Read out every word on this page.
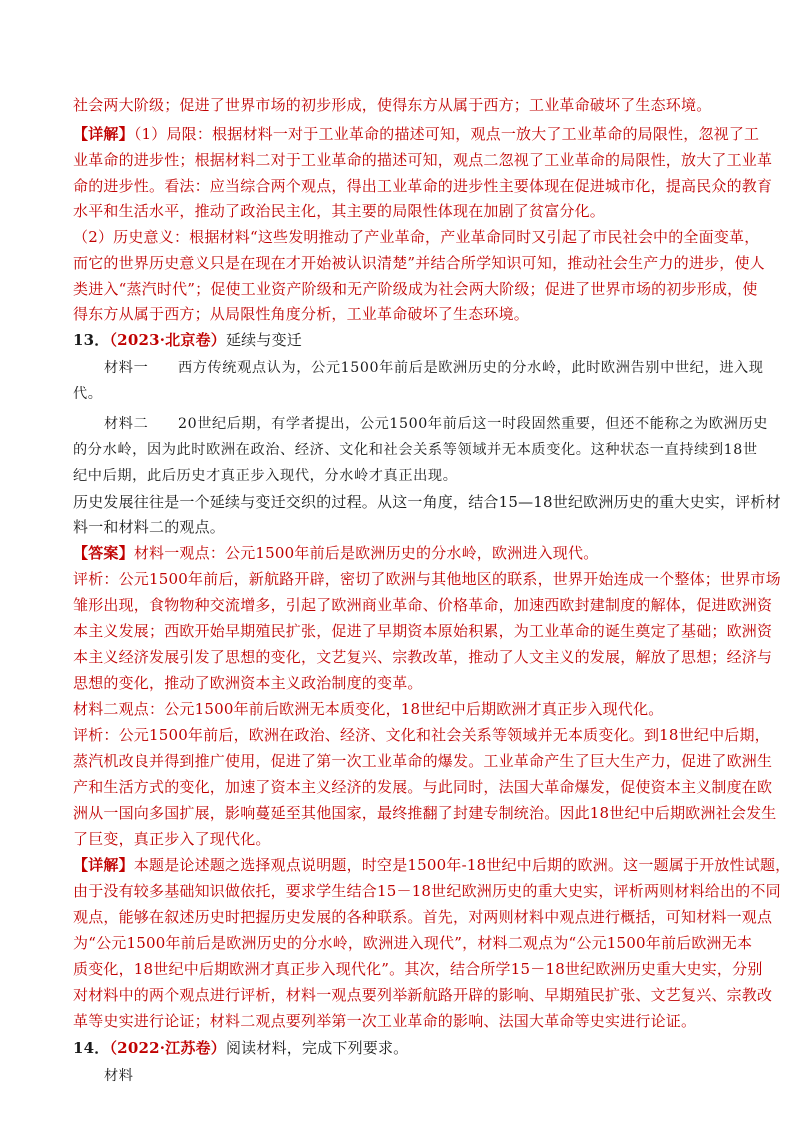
社会两大阶级；促进了世界市场的初步形成，使得东方从属于西方；工业革命破坏了生态环境。
【详解】（1）局限：根据材料一对于工业革命的描述可知，观点一放大了工业革命的局限性，忽视了工
业革命的进步性；根据材料二对于工业革命的描述可知，观点二忽视了工业革命的局限性，放大了工业革
命的进步性。看法：应当综合两个观点，得出工业革命的进步性主要体现在促进城市化，提高民众的教育
水平和生活水平，推动了政治民主化，其主要的局限性体现在加剧了贫富分化。
（2）历史意义：根据材料“这些发明推动了产业革命，产业革命同时又引起了市民社会中的全面变革，
而它的世界历史意义只是在现在才开始被认识清楚”并结合所学知识可知，推动社会生产力的进步，使人
类进入“蒸汽时代”；促使工业资产阶级和无产阶级成为社会两大阶级；促进了世界市场的初步形成，使
得东方从属于西方；从局限性角度分析，工业革命破坏了生态环境。
13．（2023·北京卷）延续与变迁
材料一　　西方传统观点认为，公元1500年前后是欧洲历史的分水岭，此时欧洲告别中世纪，进入现
代。
材料二　　20世纪后期，有学者提出，公元1500年前后这一时段固然重要，但还不能称之为欧洲历史
的分水岭，因为此时欧洲在政治、经济、文化和社会关系等领域并无本质变化。这种状态一直持续到18世
纪中后期，此后历史才真正步入现代，分水岭才真正出现。
历史发展往往是一个延续与变迁交织的过程。从这一角度，结合15—18世纪欧洲历史的重大史实，评析材
料一和材料二的观点。
【答案】材料一观点：公元1500年前后是欧洲历史的分水岭，欧洲进入现代。
评析：公元1500年前后，新航路开辟，密切了欧洲与其他地区的联系，世界开始连成一个整体；世界市场
雏形出现，食物物种交流增多，引起了欧洲商业革命、价格革命，加速西欧封建制度的解体，促进欧洲资
本主义发展；西欧开始早期殖民扩张，促进了早期资本原始积累，为工业革命的诞生奠定了基础；欧洲资
本主义经济发展引发了思想的变化，文艺复兴、宗教改革，推动了人文主义的发展，解放了思想；经济与
思想的变化，推动了欧洲资本主义政治制度的变革。
材料二观点：公元1500年前后欧洲无本质变化，18世纪中后期欧洲才真正步入现代化。
评析：公元1500年前后，欧洲在政治、经济、文化和社会关系等领域并无本质变化。到18世纪中后期，
蒸汽机改良并得到推广使用，促进了第一次工业革命的爆发。工业革命产生了巨大生产力，促进了欧洲生
产和生活方式的变化，加速了资本主义经济的发展。与此同时，法国大革命爆发，促使资本主义制度在欧
洲从一国向多国扩展，影响蔓延至其他国家，最终推翻了封建专制统治。因此18世纪中后期欧洲社会发生
了巨变，真正步入了现代化。
【详解】本题是论述题之选择观点说明题，时空是1500年-18世纪中后期的欧洲。这一题属于开放性试题，
由于没有较多基础知识做依托，要求学生结合15－18世纪欧洲历史的重大史实，评析两则材料给出的不同
观点，能够在叙述历史时把握历史发展的各种联系。首先，对两则材料中观点进行概括，可知材料一观点
为“公元1500年前后是欧洲历史的分水岭，欧洲进入现代”，材料二观点为“公元1500年前后欧洲无本
质变化，18世纪中后期欧洲才真正步入现代化”。其次，结合所学15－18世纪欧洲历史重大史实，分别
对材料中的两个观点进行评析，材料一观点要列举新航路开辟的影响、早期殖民扩张、文艺复兴、宗教改
革等史实进行论证；材料二观点要列举第一次工业革命的影响、法国大革命等史实进行论证。
14．（2022·江苏卷）阅读材料，完成下列要求。
材料
